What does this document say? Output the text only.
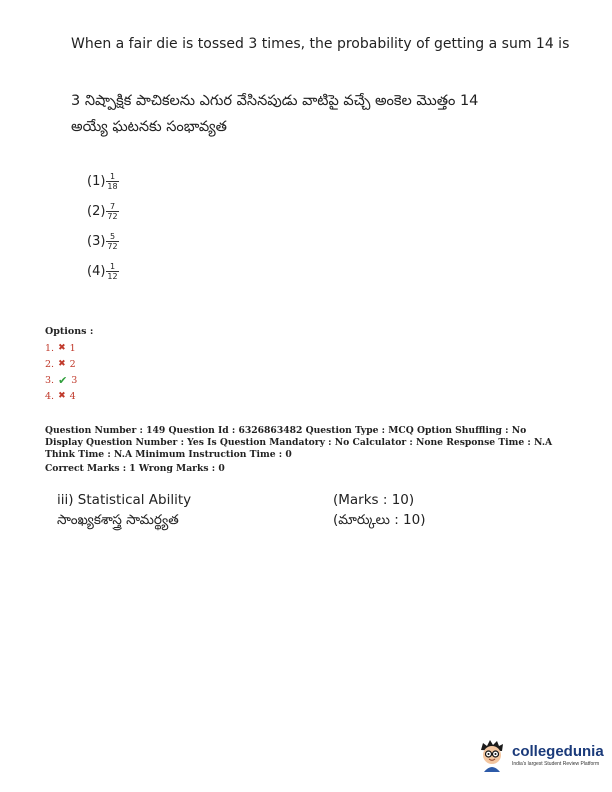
When a fair die is tossed 3 times, the probability of getting a sum 14 is
3 నిష్పాక్షిక పాచికలను ఎగుర వేసినపుడు వాటిపై వచ్చే అంకెల మొత్తం 14
అయ్యే ఘటనకు సంభావ్యత
$(1) \frac{1}{18}$
$(2) \frac{7}{72}$
$(3) \frac{5}{72}$
$(4) \frac{1}{12}$
Options :
1. ✖ 1
2. ✖ 2
3. ✔ 3
4. ✖ 4
Question Number : 149 Question Id : 6326863482 Question Type : MCQ Option Shuffling : No Display Question Number : Yes Is Question Mandatory : No Calculator : None Response Time : N.A Think Time : N.A Minimum Instruction Time : 0
Correct Marks : 1 Wrong Marks : 0
iii) Statistical Ability
సాంఖ్యకశాస్త్ర సామర్థ్యత
(Marks : 10)
(మార్కులు : 10)
collegedunia
India's largest Student Review Platform
